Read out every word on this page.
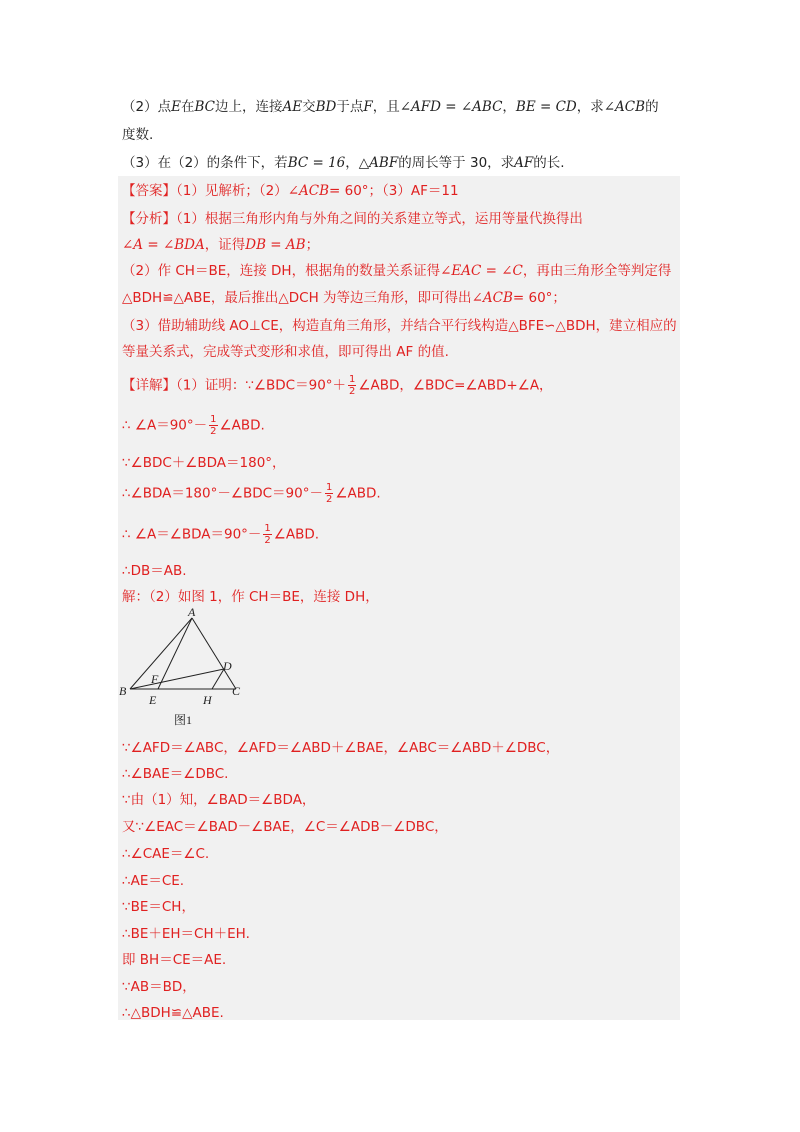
（2）点E在BC边上，连接AE交BD于点F，且∠AFD = ∠ABC，BE = CD，求∠ACB的
度数.
（3）在（2）的条件下，若BC = 16，△ABF的周长等于 30，求AF的长.
【答案】（1）见解析；（2）∠ACB= 60°；（3）AF＝11
【分析】（1）根据三角形内角与外角之间的关系建立等式，运用等量代换得出
∠A = ∠BDA，证得DB = AB；
（2）作 CH＝BE，连接 DH，根据角的数量关系证得∠EAC = ∠C，再由三角形全等判定得
△BDH≌△ABE，最后推出△DCH 为等边三角形，即可得出∠ACB= 60°；
（3）借助辅助线 AO⊥CE，构造直角三角形，并结合平行线构造△BFE∽△BDH，建立相应的
等量关系式，完成等式变形和求值，即可得出 AF 的值.
【详解】（1）证明：∵∠BDC＝90°＋ $\frac{1}{2}$ ∠ABD，∠BDC=∠ABD+∠A，
∴ ∠A＝90°－ $\frac{1}{2}$ ∠ABD.
∵∠BDC＋∠BDA＝180°，
∴∠BDA＝180°－∠BDC＝90°－ $\frac{1}{2}$ ∠ABD.
∴ ∠A＝∠BDA＝90°－ $\frac{1}{2}$ ∠ABD.
∴DB＝AB.
解：（2）如图 1，作 CH＝BE，连接 DH，
A
B	C
D
E
F
H
图1
∵∠AFD＝∠ABC，∠AFD＝∠ABD＋∠BAE，∠ABC＝∠ABD＋∠DBC，
∴∠BAE＝∠DBC.
∵由（1）知，∠BAD＝∠BDA，
又∵∠EAC＝∠BAD－∠BAE，∠C＝∠ADB－∠DBC，
∴∠CAE＝∠C.
∴AE＝CE.
∵BE＝CH，
∴BE＋EH＝CH＋EH.
即 BH＝CE＝AE.
∵AB＝BD，
∴△BDH≌△ABE.
